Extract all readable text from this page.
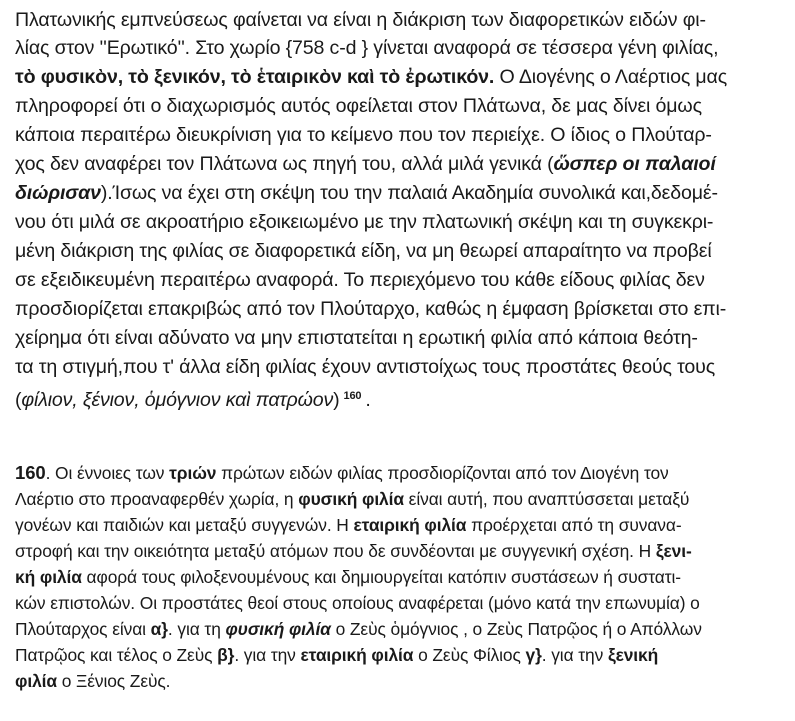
Πλατωνικής εμπνεύσεως φαίνεται να είναι η διάκριση των διαφορετικών ειδών φι-
λίας στον ''Ερωτικό''. Στο χωρίο {758 c-d } γίνεται αναφορά σε τέσσερα γένη φιλίας,
τὸ φυσικὸν, τὸ ξενικόν, τὸ ἑταιρικὸν καὶ τὸ ἐρωτικόν. Ο Διογένης ο Λαέρτιος μας
πληροφορεί ότι ο διαχωρισμός αυτός οφείλεται στον Πλάτωνα, δε μας δίνει όμως
κάποια περαιτέρω διευκρίνιση για το κείμενο που τον περιείχε. Ο ίδιος ο Πλούταρ-
χος δεν αναφέρει τον Πλάτωνα ως πηγή του, αλλά μιλά γενικά (ὥσπερ οι παλαιοί
διώρισαν).Ίσως να έχει στη σκέψη του την παλαιά Ακαδημία συνολικά και,δεδομέ-
νου ότι μιλά σε ακροατήριο εξοικειωμένο με την πλατωνική σκέψη και τη συγκεκρι-
μένη διάκριση της φιλίας σε διαφορετικά είδη, να μη θεωρεί απαραίτητο να προβεί
σε εξειδικευμένη περαιτέρω αναφορά. Το περιεχόμενο του κάθε είδους φιλίας δεν
προσδιορίζεται επακριβώς από τον Πλούταρχο, καθώς η έμφαση βρίσκεται στο επι-
χείρημα ότι είναι αδύνατο να μην επιστατείται η ερωτική φιλία από κάποια θεότη-
τα τη στιγμή,που τ' άλλα είδη φιλίας έχουν αντιστοίχως τους προστάτες θεούς τους
(φίλιον, ξένιον, ὁμόγνιον καὶ πατρώον) $^{160}$ .
160. Οι έννοιες των τριών πρώτων ειδών φιλίας προσδιορίζονται από τον Διογένη τον
Λαέρτιο στο προαναφερθέν χωρία, η φυσική φιλία είναι αυτή, που αναπτύσσεται μεταξύ
γονέων και παιδιών και μεταξύ συγγενών. Η εταιρική φιλία προέρχεται από τη συνανα-
στροφή και την οικειότητα μεταξύ ατόμων που δε συνδέονται με συγγενική σχέση. Η ξενι-
κή φιλία αφορά τους φιλοξενουμένους και δημιουργείται κατόπιν συστάσεων ή συστατι-
κών επιστολών. Οι προστάτες θεοί στους οποίους αναφέρεται (μόνο κατά την επωνυμία) ο
Πλούταρχος είναι α}. για τη φυσική φιλία ο Ζεὺς ὁμόγνιος , ο Ζεὺς Πατρῷος ή ο Απόλλων
Πατρῷος και τέλος ο Ζεὺς β}. για την εταιρική φιλία ο Ζεὺς Φίλιος γ}. για την ξενική
φιλία ο Ξένιος Ζεὺς.
